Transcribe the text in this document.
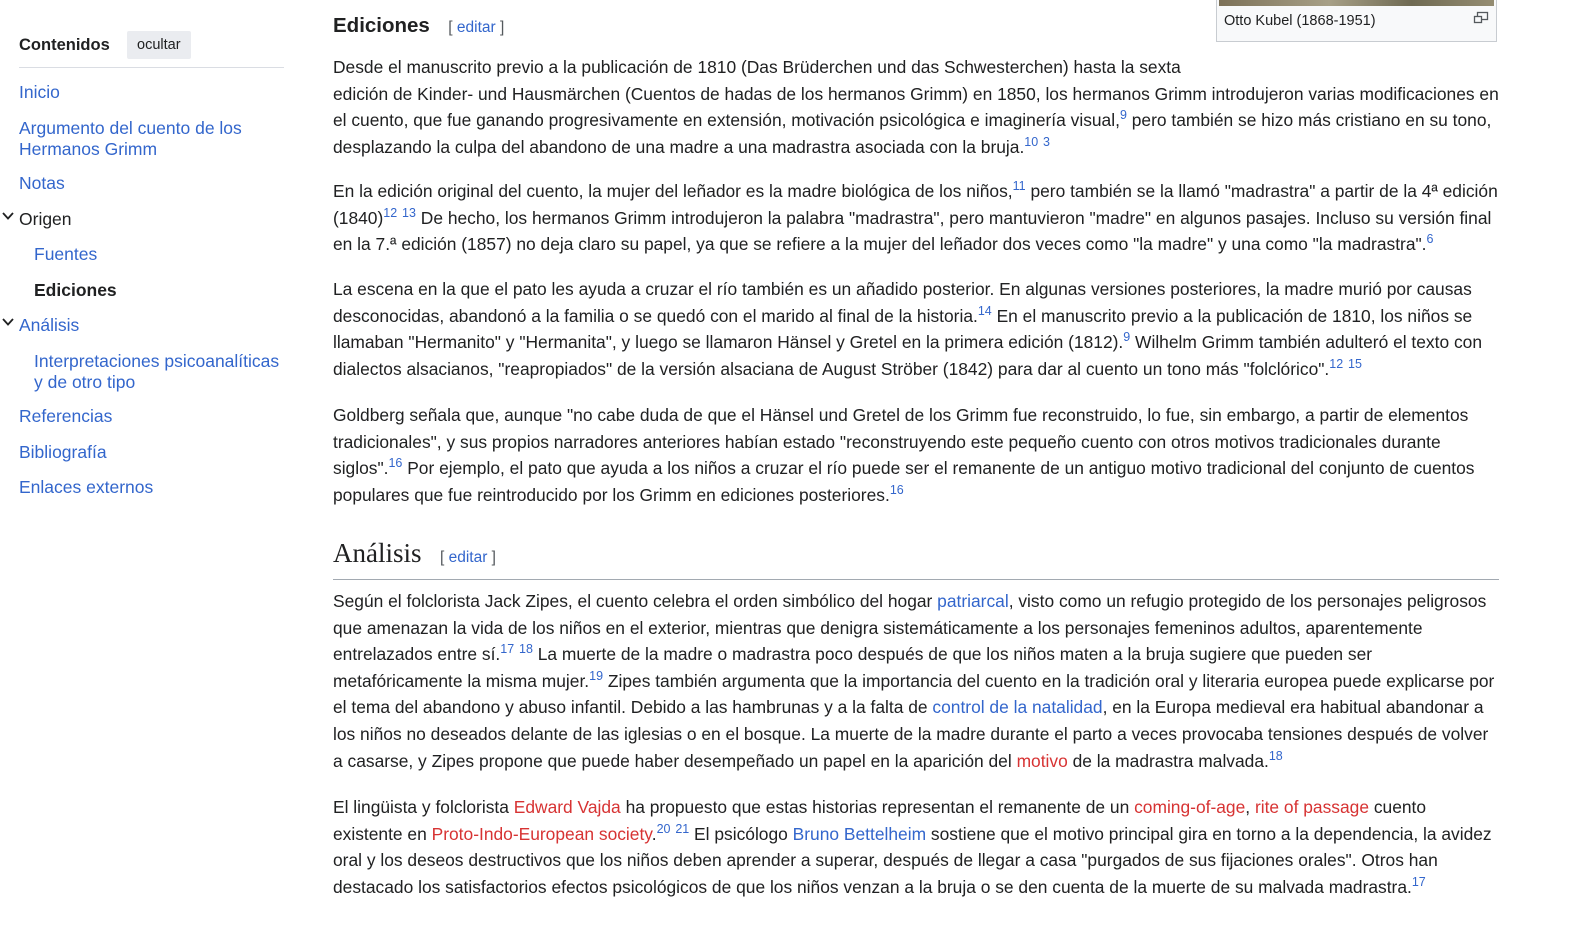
Contenidos	ocultar
Inicio
Argumento del cuento de los
Hermanos Grimm
Notas
Origen
Fuentes
Ediciones
Análisis
Interpretaciones psicoanalíticas
y de otro tipo
Referencias
Bibliografía
Enlaces externos
Otto Kubel (1868-1951)
Ediciones [ editar ]

Desde el manuscrito previo a la publicación de 1810 (Das Brüderchen und das Schwesterchen) hasta la sexta
edición de Kinder- und Hausmärchen (Cuentos de hadas de los hermanos Grimm) en 1850, los hermanos Grimm introdujeron varias modificaciones en el cuento, que fue ganando progresivamente en extensión, motivación psicológica e imaginería visual,$^9$ pero también se hizo más cristiano en su tono, desplazando la culpa del abandono de una madre a una madrastra asociada con la bruja.$^{10}$ $^3$

En la edición original del cuento, la mujer del leñador es la madre biológica de los niños,$^{11}$ pero también se la llamó "madrastra" a partir de la 4ª edición $(1840)^{12}$ $^{13}$ De hecho, los hermanos Grimm introdujeron la palabra "madrastra", pero mantuvieron "madre" en algunos pasajes. Incluso su versión final en la 7.ª edición (1857) no deja claro su papel, ya que se refiere a la mujer del leñador dos veces como "la madre" y una como "la madrastra".$^6$

La escena en la que el pato les ayuda a cruzar el río también es un añadido posterior. En algunas versiones posteriores, la madre murió por causas desconocidas, abandonó a la familia o se quedó con el marido al final de la historia.$^{14}$ En el manuscrito previo a la publicación de 1810, los niños se llamaban "Hermanito" y "Hermanita", y luego se llamaron Hänsel y Gretel en la primera edición (1812).$^9$ Wilhelm Grimm también adulteró el texto con dialectos alsacianos, "reapropiados" de la versión alsaciana de August Ströber (1842) para dar al cuento un tono más "folclórico".$^{12}$ $^{15}$

Goldberg señala que, aunque "no cabe duda de que el Hänsel und Gretel de los Grimm fue reconstruido, lo fue, sin embargo, a partir de elementos tradicionales", y sus propios narradores anteriores habían estado "reconstruyendo este pequeño cuento con otros motivos tradicionales durante siglos".$^{16}$ Por ejemplo, el pato que ayuda a los niños a cruzar el río puede ser el remanente de un antiguo motivo tradicional del conjunto de cuentos populares que fue reintroducido por los Grimm en ediciones posteriores.$^{16}$

Análisis [ editar ]

Según el folclorista Jack Zipes, el cuento celebra el orden simbólico del hogar patriarcal, visto como un refugio protegido de los personajes peligrosos que amenazan la vida de los niños en el exterior, mientras que denigra sistemáticamente a los personajes femeninos adultos, aparentemente entrelazados entre sí.$^{17}$ $^{18}$ La muerte de la madre o madrastra poco después de que los niños maten a la bruja sugiere que pueden ser metafóricamente la misma mujer.$^{19}$ Zipes también argumenta que la importancia del cuento en la tradición oral y literaria europea puede explicarse por el tema del abandono y abuso infantil. Debido a las hambrunas y a la falta de control de la natalidad, en la Europa medieval era habitual abandonar a los niños no deseados delante de las iglesias o en el bosque. La muerte de la madre durante el parto a veces provocaba tensiones después de volver a casarse, y Zipes propone que puede haber desempeñado un papel en la aparición del motivo de la madrastra malvada.$^{18}$

El lingüista y folclorista Edward Vajda ha propuesto que estas historias representan el remanente de un coming-of-age, rite of passage cuento existente en Proto-Indo-European society.$^{20}$ $^{21}$ El psicólogo Bruno Bettelheim sostiene que el motivo principal gira en torno a la dependencia, la avidez oral y los deseos destructivos que los niños deben aprender a superar, después de llegar a casa "purgados de sus fijaciones orales". Otros han destacado los satisfactorios efectos psicológicos de que los niños venzan a la bruja o se den cuenta de la muerte de su malvada madrastra.$^{17}$
